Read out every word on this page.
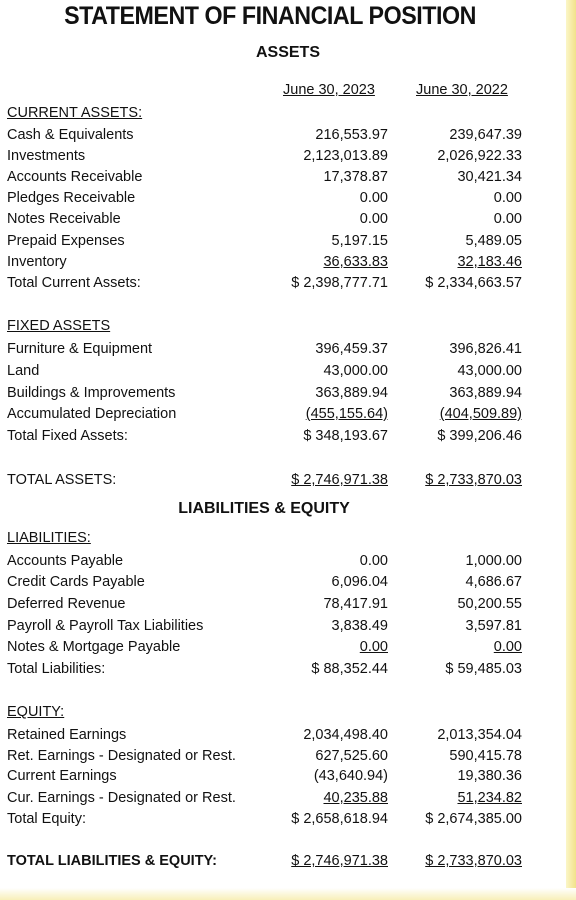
STATEMENT OF FINANCIAL POSITION
ASSETS
June 30, 2023	June 30, 2022
CURRENT ASSETS:
Cash & Equivalents	216,553.97	239,647.39
Investments	2,123,013.89	2,026,922.33
Accounts Receivable	17,378.87	30,421.34
Pledges Receivable	0.00	0.00
Notes Receivable	0.00	0.00
Prepaid Expenses	5,197.15	5,489.05
Inventory	36,633.83	32,183.46
Total Current Assets:	$ 2,398,777.71	$ 2,334,663.57
FIXED ASSETS
Furniture & Equipment	396,459.37	396,826.41
Land	43,000.00	43,000.00
Buildings & Improvements	363,889.94	363,889.94
Accumulated Depreciation	(455,155.64)	(404,509.89)
Total Fixed Assets:	$ 348,193.67	$ 399,206.46
TOTAL ASSETS:	$ 2,746,971.38	$ 2,733,870.03
LIABILITIES & EQUITY
LIABILITIES:
Accounts Payable	0.00	1,000.00
Credit Cards Payable	6,096.04	4,686.67
Deferred Revenue	78,417.91	50,200.55
Payroll & Payroll Tax Liabilities	3,838.49	3,597.81
Notes & Mortgage Payable	0.00	0.00
Total Liabilities:	$ 88,352.44	$ 59,485.03
EQUITY:
Retained Earnings	2,034,498.40	2,013,354.04
Ret. Earnings - Designated or Rest.	627,525.60	590,415.78
Current Earnings	(43,640.94)	19,380.36
Cur. Earnings - Designated or Rest.	40,235.88	51,234.82
Total Equity:	$ 2,658,618.94	$ 2,674,385.00
TOTAL LIABILITIES & EQUITY:	$ 2,746,971.38	$ 2,733,870.03
